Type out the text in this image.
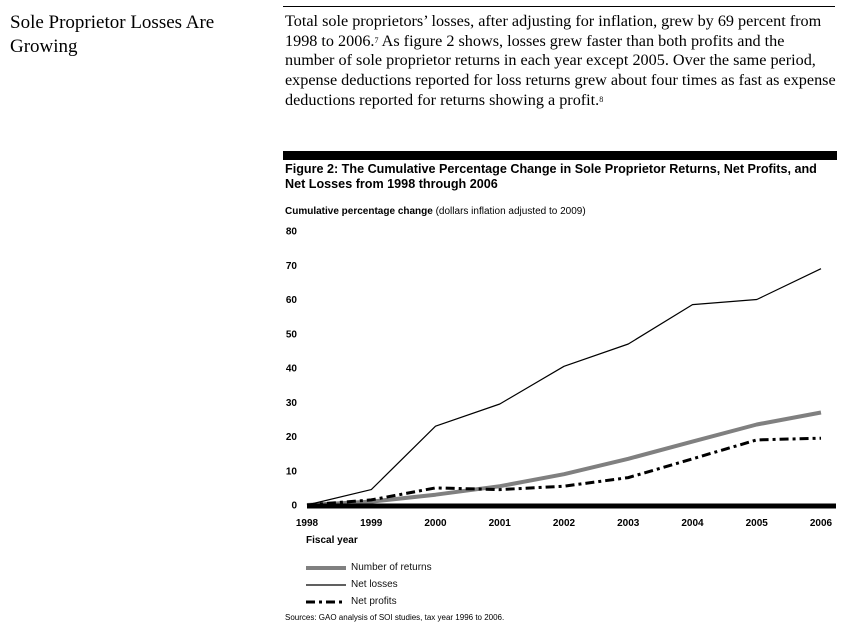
Sole Proprietor Losses Are Growing
Total sole proprietors’ losses, after adjusting for inflation, grew by 69 percent from 1998 to 2006.$^7$ As figure 2 shows, losses grew faster than both profits and the number of sole proprietor returns in each year except 2005. Over the same period, expense deductions reported for loss returns grew about four times as fast as expense deductions reported for returns showing a profit.$^8$
Figure 2: The Cumulative Percentage Change in Sole Proprietor Returns, Net Profits, and Net Losses from 1998 through 2006
Cumulative percentage change (dollars inflation adjusted to 2009)
0
10
20
30
40
50
60
70
80
1998	1999	2000	2001	2002	2003	2004	2005	2006
Fiscal year
Number of returns
Net losses
Net profits
Sources: GAO analysis of SOI studies, tax year 1996 to 2006.
